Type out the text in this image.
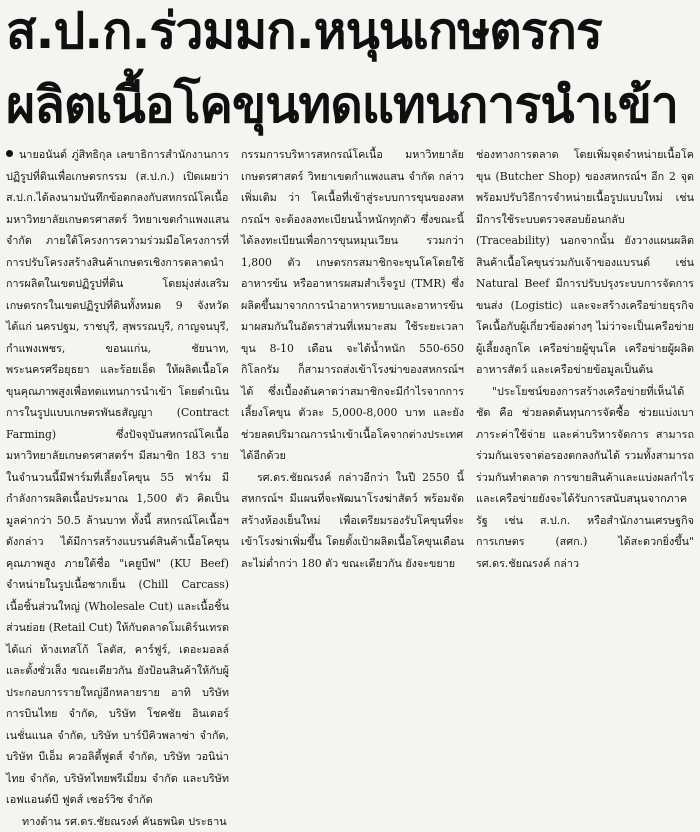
ส.ป.ก.ร่วมมก.หนุนเกษตรกร
ผลิตเนื้อโคขุนทดแทนการนำเข้า

นายอนันต์ ภู่สิทธิกุล เลขาธิการสำนักงานการปฏิรูปที่ดินเพื่อเกษตรกรรม (ส.ป.ก.) เปิดเผยว่า ส.ป.ก.ได้ลงนามบันทึกข้อตกลงกับสหกรณ์โคเนื้อมหาวิทยาลัยเกษตรศาสตร์ วิทยาเขตกำแพงแสน จำกัด ภายใต้โครงการความร่วมมือโครงการที่การปรับโครงสร้างสินค้าเกษตรเชิงการตลาดนำการผลิตในเขตปฏิรูปที่ดิน โดยมุ่งส่งเสริมเกษตรกรในเขตปฏิรูปที่ดินทั้งหมด 9 จังหวัด ได้แก่ นครปฐม, ราชบุรี, สุพรรณบุรี, กาญจนบุรี, กำแพงเพชร, ขอนแก่น, ชัยนาท, พระนครศรีอยุธยา และร้อยเอ็ด ให้ผลิตเนื้อโคขุนคุณภาพสูงเพื่อทดแทนการนำเข้า โดยดำเนินการในรูปแบบเกษตรพันธสัญญา (Contract Farming) ซึ่งปัจจุบันสหกรณ์โคเนื้อมหาวิทยาลัยเกษตรศาสตร์ฯ มีสมาชิก 183 ราย ในจำนวนนี้มีฟาร์มที่เลี้ยงโคขุน 55 ฟาร์ม มีกำลังการผลิตเนื้อประมาณ 1,500 ตัว คิดเป็นมูลค่ากว่า 50.5 ล้านบาท ทั้งนี้ สหกรณ์โคเนื้อฯ ดังกล่าว ได้มีการสร้างแบรนด์สินค้าเนื้อโคขุนคุณภาพสูง ภายใต้ชื่อ "เคยูบีฟ" (KU Beef) จำหน่ายในรูปเนื้อซากเย็น (Chill Carcass) เนื้อชิ้นส่วนใหญ่ (Wholesale Cut) และเนื้อชิ้นส่วนย่อย (Retail Cut) ให้กับตลาดโมเดิร์นเทรด ได้แก่ ห้างเทสโก้ โลตัส, คาร์ฟูร์, เดอะมอลล์ และตั้งซั่วเส็ง ขณะเดียวกัน ยังป้อนสินค้าให้กับผู้ประกอบการรายใหญ่อีกหลายราย อาทิ บริษัทการบินไทย จำกัด, บริษัท โชคชัย อินเตอร์เนชั่นแนล จำกัด, บริษัท บาร์บีคิวพลาซ่า จำกัด, บริษัท บีเอ็ม ควอลิตี้ฟูดส์ จำกัด, บริษัท วอนิน่าไทย จำกัด, บริษัทไทยพรีเมี่ยม จำกัด และบริษัท เอฟแอนด์บี ฟูดส์ เซอร์วิซ จำกัด

ทางด้าน รศ.ดร.ชัยณรงค์ คันธพนิต ประธาน

กรรมการบริหารสหกรณ์โคเนื้อ มหาวิทยาลัยเกษตรศาสตร์ วิทยาเขตกำแพงแสน จำกัด กล่าวเพิ่มเติม ว่า โคเนื้อที่เข้าสู่ระบบการขุนของสหกรณ์ฯ จะต้องลงทะเบียนน้ำหนักทุกตัว ซึ่งขณะนี้ได้ลงทะเบียนเพื่อการขุนหมุนเวียน รวมกว่า 1,800 ตัว เกษตรกรสมาชิกจะขุนโคโดยใช้อาหารข้น หรืออาหารผสมสำเร็จรูป (TMR) ซึ่งผลิตขึ้นมาจากการนำอาหารหยาบและอาหารข้นมาผสมกันในอัตราส่วนที่เหมาะสม ใช้ระยะเวลาขุน 8-10 เดือน จะได้น้ำหนัก 550-650 กิโลกรัม ก็สามารถส่งเข้าโรงฆ่าของสหกรณ์ฯ ได้ ซึ่งเบื้องต้นคาดว่าสมาชิกจะมีกำไรจากการเลี้ยงโคขุน ตัวละ 5,000-8,000 บาท และยังช่วยลดปริมาณการนำเข้าเนื้อโคจากต่างประเทศได้อีกด้วย

รศ.ดร.ชัยณรงค์ กล่าวอีกว่า ในปี 2550 นี้ สหกรณ์ฯ มีแผนที่จะพัฒนาโรงฆ่าสัตว์ พร้อมจัดสร้างห้องเย็นใหม่ เพื่อเตรียมรองรับโคขุนที่จะเข้าโรงฆ่าเพิ่มขึ้น โดยตั้งเป้าผลิตเนื้อโคขุนเดือนละไม่ต่ำกว่า 180 ตัว ขณะเดียวกัน ยังจะขยาย

ช่องทางการตลาด โดยเพิ่มจุดจำหน่ายเนื้อโคขุน (Butcher Shop) ของสหกรณ์ฯ อีก 2 จุด พร้อมปรับวิธีการจำหน่ายเนื้อรูปแบบใหม่ เช่น มีการใช้ระบบตรวจสอบย้อนกลับ (Traceability) นอกจากนั้น ยังวางแผนผลิต สินค้าเนื้อโคขุนร่วมกับเจ้าของแบรนด์ เช่น Natural Beef มีการปรับปรุงระบบการจัดการขนส่ง (Logistic) และจะสร้างเครือข่ายธุรกิจโคเนื้อกับผู้เกี่ยวข้องต่างๆ ไม่ว่าจะเป็นเครือข่ายผู้เลี้ยงลูกโค เครือข่ายผู้ขุนโค เครือข่ายผู้ผลิตอาหารสัตว์ และเครือข่ายข้อมูลเป็นต้น

"ประโยชน์ของการสร้างเครือข่ายที่เห็นได้ชัด คือ ช่วยลดต้นทุนการจัดซื้อ ช่วยแบ่งเบาภาระค่าใช้จ่าย และค่าบริหารจัดการ สามารถร่วมกันเจรจาต่อรองตกลงกันได้ รวมทั้งสามารถร่วมกันทำตลาด การขายสินค้าและแบ่งผลกำไร และเครือข่ายยังจะได้รับการสนับสนุนจากภาครัฐ เช่น ส.ป.ก. หรือสำนักงานเศรษฐกิจการเกษตร (สศก.) ได้สะดวกยิ่งขึ้น" รศ.ดร.ชัยณรงค์ กล่าว
